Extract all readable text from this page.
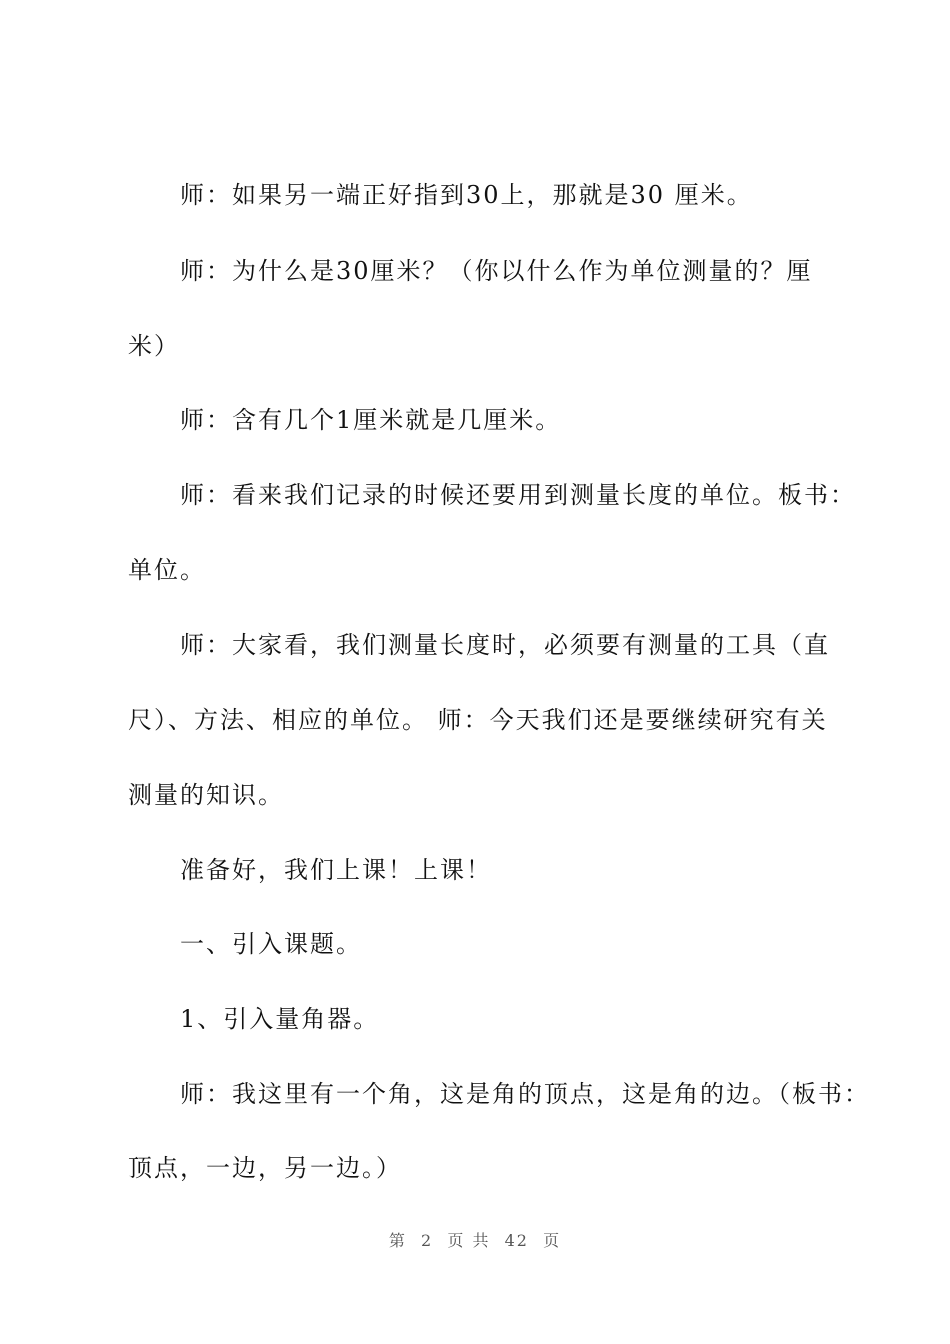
师：如果另一端正好指到30上，那就是30 厘米。
师：为什么是30厘米？（你以什么作为单位测量的？厘
米）
师：含有几个1厘米就是几厘米。
师：看来我们记录的时候还要用到测量长度的单位。板书：
单位。
师：大家看，我们测量长度时，必须要有测量的工具（直
尺）、方法、相应的单位。 师：今天我们还是要继续研究有关
测量的知识。
准备好，我们上课！上课！
一、引入课题。
1、引入量角器。
师：我这里有一个角，这是角的顶点，这是角的边。（板书：
顶点，一边，另一边。）
第  2  页 共  42  页
